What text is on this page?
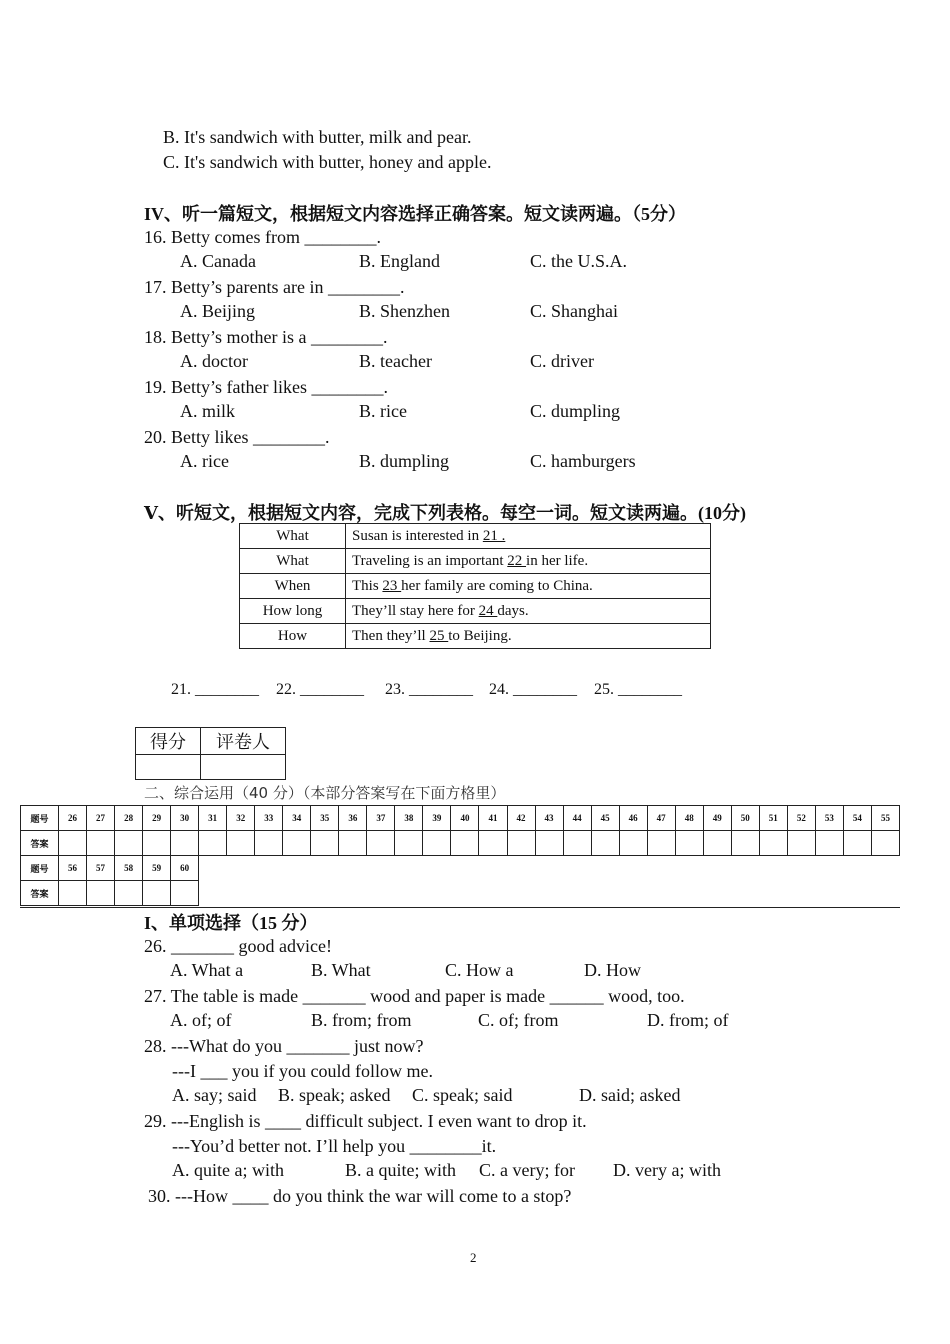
B. It's sandwich with butter, milk and pear.
C. It's sandwich with butter, honey and apple.
IV、听一篇短文，根据短文内容选择正确答案。短文读两遍。（5分）
16. Betty comes from ________.
A. Canada	B. England	C. the U.S.A.
17. Betty’s parents are in ________.
A. Beijing	B. Shenzhen	C. Shanghai
18. Betty’s mother is a ________.
A. doctor	B. teacher	C. driver
19. Betty’s father likes ________.
A. milk	B. rice	C. dumpling
20. Betty likes ________.
A. rice	B. dumpling	C. hamburgers
Ⅴ、听短文，根据短文内容，完成下列表格。每空一词。短文读两遍。(10分)
What	Susan is interested in 21 .
What	Traveling is an important 22 in her life.
When	This 23 her family are coming to China.
How long	They’ll stay here for 24 days.
How	Then they’ll 25 to Beijing.
21. ________ 22. ________ 23. ________ 24. ________ 25. ________
得分	评卷人

二、综合运用（40 分）（本部分答案写在下面方格里）
题号	26	27	28	29	30	31	32	33	34	35	36	37	38	39	40	41	42	43	44	45	46	47	48	49	50	51	52	53	54	55
答案																														
题号	56	57	58	59	60																									
答案																														
I、单项选择（15 分）
26. _______ good advice!
A. What a	B. What	C. How a	D. How
27. The table is made _______ wood and paper is made ______ wood, too.
A. of; of	B. from; from	C. of; from	D. from; of
28. ---What do you _______ just now?
---I ___ you if you could follow me.
A. say; said B. speak; asked C. speak; said	D. said; asked
29. ---English is ____ difficult subject. I even want to drop it.
---You’d better not. I’ll help you ________it.
A. quite a; with	B. a quite; with C. a very; for D. very a; with
30. ---How ____ do you think the war will come to a stop?
2
